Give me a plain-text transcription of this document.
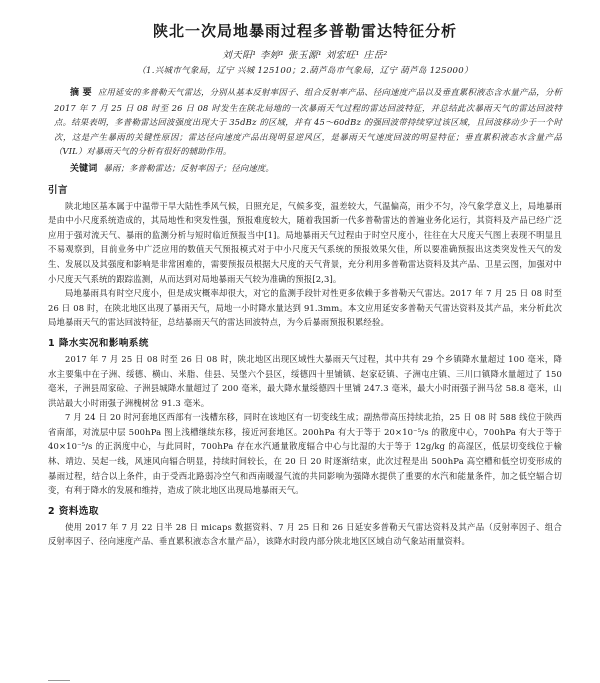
陕北一次局地暴雨过程多普勒雷达特征分析
刘天阳¹ 李婷¹ 张玉源¹ 刘宏旺¹ 庄岳²
（1.兴城市气象局，辽宁 兴城 125100；2.葫芦岛市气象局，辽宁 葫芦岛 125000）

摘 要 应用延安的多普勒天气雷达，分别从基本反射率因子、组合反射率产品、径向速度产品以及垂直累积液态含水量产品，分析 2017 年 7 月 25 日 08 时至 26 日 08 时发生在陕北局地的一次暴雨天气过程的雷达回波特征，并总结此次暴雨天气的雷达回波特点。结果表明，多普勒雷达回波强度出现大于 35dBz 的区域，并有 45～60dBz 的强回波带持续穿过该区域，且回波移动少于一个时次，这是产生暴雨的关键性原因；雷达径向速度产品出现明显逆风区，是暴雨天气速度回波的明显特征；垂直累积液态水含量产品（VIL）对暴雨天气的分析有很好的辅助作用。

关键词 暴雨；多普勒雷达；反射率因子；径向速度。

引言

陕北地区基本属于中温带干旱大陆性季风气候，日照充足，气候多变，温差较大，气温偏高，雨少不匀，冷气象学意义上，局地暴雨是由中小尺度系统造成的，其局地性和突发性强，预报难度较大，随着我国新一代多普勒雷达的普遍业务化运行，其资料及产品已经广泛应用于强对流天气、暴雨的监测分析与短时临近预报当中[1]。局地暴雨天气过程由于时空尺度小，往往在大尺度天气图上表现不明显且不易观察到，目前业务中广泛应用的数值天气预报模式对于中小尺度天气系统的预报效果欠佳，所以要准确预报出这类突发性天气的发生、发展以及其强度和影响是非常困难的，需要预报员根据大尺度的天气背景，充分利用多普勒雷达资料及其产品、卫星云图，加强对中小尺度天气系统的跟踪监测，从而达到对局地暴雨天气较为准确的预报[2,3]。

局地暴雨具有时空尺度小，但是成灾概率却很大，对它的监测手段针对性更多依赖于多普勒天气雷达。2017 年 7 月 25 日 08 时至 26 日 08 时，在陕北地区出现了暴雨天气，局地一小时降水量达到 91.3mm。本文应用延安多普勒天气雷达资料及其产品，来分析此次局地暴雨天气的雷达回波特征，总结暴雨天气的雷达回波特点，为今后暴雨预报积累经验。

1 降水实况和影响系统

2017 年 7 月 25 日 08 时至 26 日 08 时，陕北地区出现区域性大暴雨天气过程，其中共有 29 个乡镇降水量超过 100 毫米，降水主要集中在子洲、绥德、横山、米脂、佳县、吴堡六个县区，绥德四十里铺镇、赵家砭镇、子洲屯庄镇、三川口镇降水量超过了 150 毫米，子洲县周家硷、子洲县城降水量超过了 200 毫米，最大降水量绥德四十里铺 247.3 毫米，最大小时雨强子洲马岔 58.8 毫米，山洪站最大小时雨强子洲槐树岔 91.3 毫米。

7 月 24 日 20 时河套地区西部有一浅槽东移，同时在该地区有一切变线生成；副热带高压持续北抬，25 日 08 时 588 线位于陕西省南部，对流层中层 500hPa 图上浅槽继续东移，接近河套地区。200hPa 有大于等于 20×10⁻⁵/s 的散度中心，700hPa 有大于等于 40×10⁻⁵/s 的正涡度中心，与此同时，700hPa 存在水汽通量散度辐合中心与比湿的大于等于 12g/kg 的高湿区，低层切变线位于榆林、靖边、吴起一线，风速风向辐合明显，持续时间较长，在 20 日 20 时逐渐结束，此次过程是出 500hPa 高空槽和低空切变形成的暴雨过程，结合以上条件，由于受西北路弱冷空气和西南暖湿气流的共同影响为强降水提供了重要的水汽和能量条件，加之低空辐合切变，有利于降水的发展和维持，造成了陕北地区出现局地暴雨天气。

2 资料选取

使用 2017 年 7 月 22 日半 28 日 micaps 数据资料、7 月 25 日和 26 日延安多普勒天气雷达资料及其产品（反射率因子、组合反射率因子、径向速度产品、垂直累积液态含水量产品），该降水时段内部分陕北地区区域自动气象站雨量资料。
